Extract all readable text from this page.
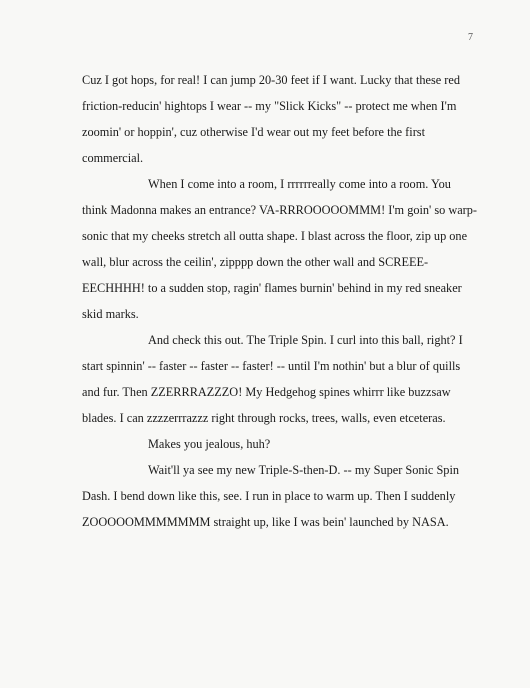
7

Cuz I got hops, for real! I can jump 20-30 feet if I want. Lucky that these red friction-reducin' hightops I wear -- my "Slick Kicks" -- protect me when I'm zoomin' or hoppin', cuz otherwise I'd wear out my feet before the first commercial.

When I come into a room, I rrrrrreally come into a room. You think Madonna makes an entrance? VA-RRROOOOOMMM! I'm goin' so warp-sonic that my cheeks stretch all outta shape. I blast across the floor, zip up one wall, blur across the ceilin', zipppp down the other wall and SCREEE-EECHHHH! to a sudden stop, ragin' flames burnin' behind in my red sneaker skid marks.

And check this out. The Triple Spin. I curl into this ball, right? I start spinnin' -- faster -- faster -- faster! -- until I'm nothin' but a blur of quills and fur. Then ZZERRRAZZZO! My Hedgehog spines whirrr like buzzsaw blades. I can zzzzerrrazzz right through rocks, trees, walls, even etceteras.

Makes you jealous, huh?

Wait'll ya see my new Triple-S-then-D. -- my Super Sonic Spin Dash. I bend down like this, see. I run in place to warm up. Then I suddenly ZOOOOOMMMMMMM straight up, like I was bein' launched by NASA.
